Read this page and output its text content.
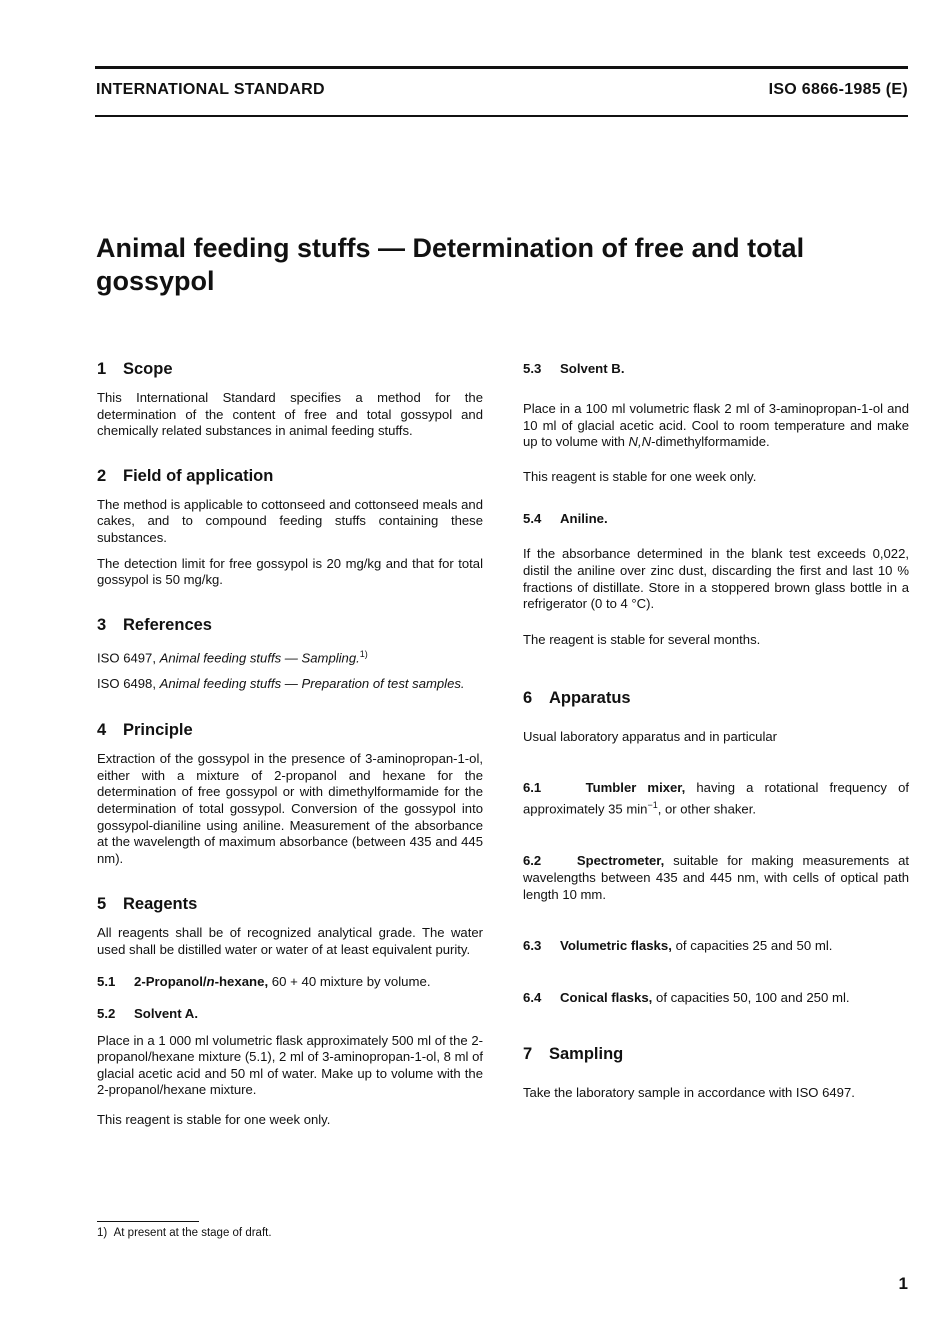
INTERNATIONAL STANDARD	ISO 6866-1985 (E)
Animal feeding stuffs — Determination of free and total gossypol
1 Scope

This International Standard specifies a method for the determination of the content of free and total gossypol and chemically related substances in animal feeding stuffs.

2 Field of application

The method is applicable to cottonseed and cottonseed meals and cakes, and to compound feeding stuffs containing these substances.

The detection limit for free gossypol is 20 mg/kg and that for total gossypol is 50 mg/kg.

3 References

ISO 6497, Animal feeding stuffs — Sampling.$^{1)}$

ISO 6498, Animal feeding stuffs — Preparation of test samples.

4 Principle

Extraction of the gossypol in the presence of 3-aminopropan-1-ol, either with a mixture of 2-propanol and hexane for the determination of free gossypol or with dimethylformamide for the determination of total gossypol. Conversion of the gossypol into gossypol-dianiline using aniline. Measurement of the absorbance at the wavelength of maximum absorbance (between 435 and 445 nm).

5 Reagents

All reagents shall be of recognized analytical grade. The water used shall be distilled water or water of at least equivalent purity.

5.1 2-Propanol/n-hexane, 60 + 40 mixture by volume.

5.2 Solvent A.

Place in a 1 000 ml volumetric flask approximately 500 ml of the 2-propanol/hexane mixture (5.1), 2 ml of 3-aminopropan-1-ol, 8 ml of glacial acetic acid and 50 ml of water. Make up to volume with the 2-propanol/hexane mixture.

This reagent is stable for one week only.

5.3 Solvent B.

Place in a 100 ml volumetric flask 2 ml of 3-aminopropan-1-ol and 10 ml of glacial acetic acid. Cool to room temperature and make up to volume with N,N-dimethylformamide.

This reagent is stable for one week only.

5.4 Aniline.

If the absorbance determined in the blank test exceeds 0,022, distil the aniline over zinc dust, discarding the first and last 10 % fractions of distillate. Store in a stoppered brown glass bottle in a refrigerator (0 to 4 °C).

The reagent is stable for several months.

6 Apparatus

Usual laboratory apparatus and in particular

6.1	Tumbler mixer, having a rotational frequency of approximately 35 $\min^{-1}$, or other shaker.

6.2	Spectrometer, suitable for making measurements at wavelengths between 435 and 445 nm, with cells of optical path length 10 mm.

6.3 Volumetric flasks, of capacities 25 and 50 ml.

6.4 Conical flasks, of capacities 50, 100 and 250 ml.

7 Sampling

Take the laboratory sample in accordance with ISO 6497.

1) At present at the stage of draft.
1
